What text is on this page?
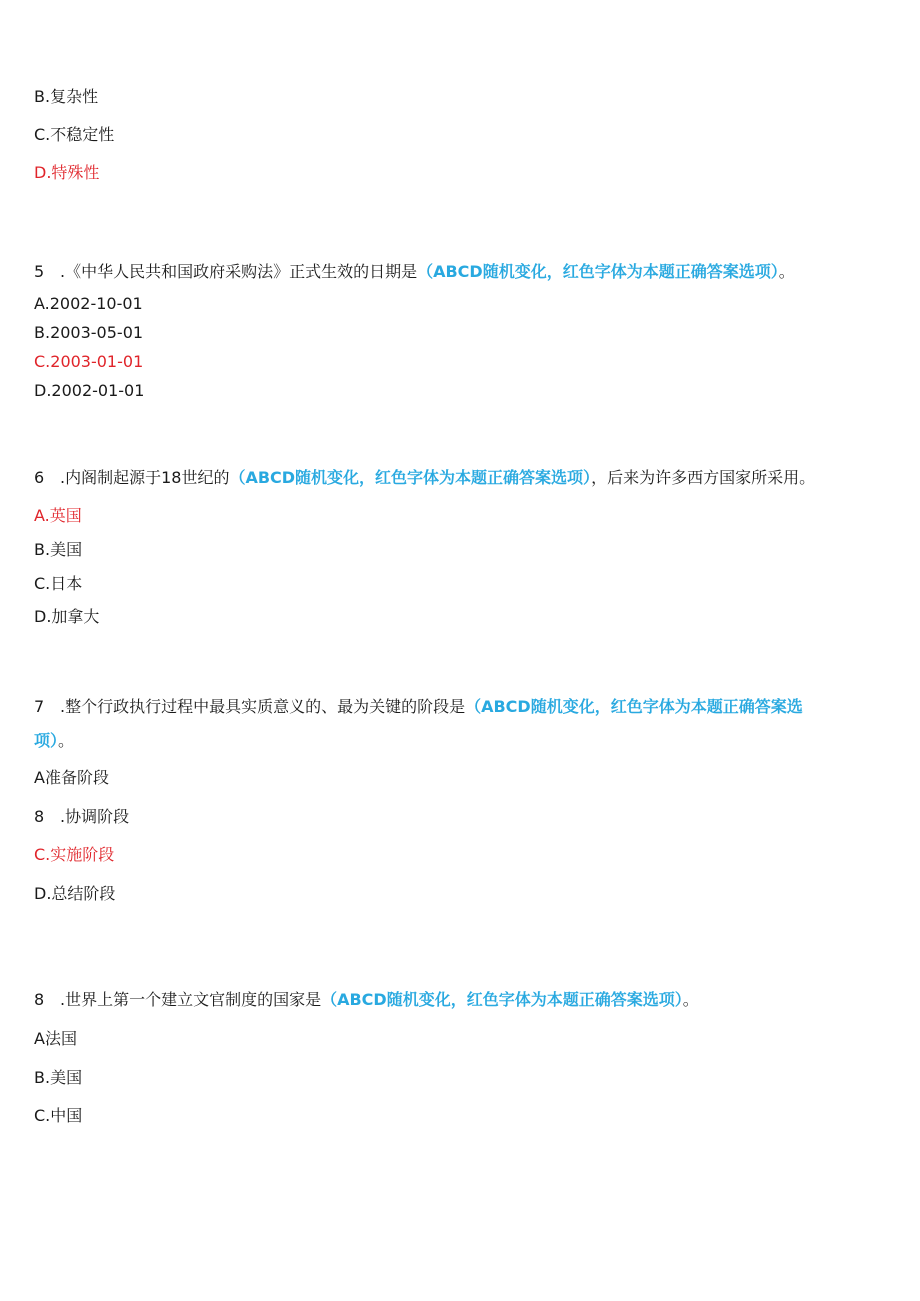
B.复杂性
C.不稳定性
D.特殊性
5 .《中华人民共和国政府采购法》正式生效的日期是（ABCD随机变化，红色字体为本题正确答案选项）。
A.2002-10-01
B.2003-05-01
C.2003-01-01
D.2002-01-01
6 .内阁制起源于18世纪的（ABCD随机变化，红色字体为本题正确答案选项），后来为许多西方国家所采用。
A.英国
B.美国
C.日本
D.加拿大
7 .整个行政执行过程中最具实质意义的、最为关键的阶段是（ABCD随机变化，红色字体为本题正确答案选
项）。
A准备阶段
8 .协调阶段
C.实施阶段
D.总结阶段
8 .世界上第一个建立文官制度的国家是（ABCD随机变化，红色字体为本题正确答案选项）。
A法国
B.美国
C.中国
